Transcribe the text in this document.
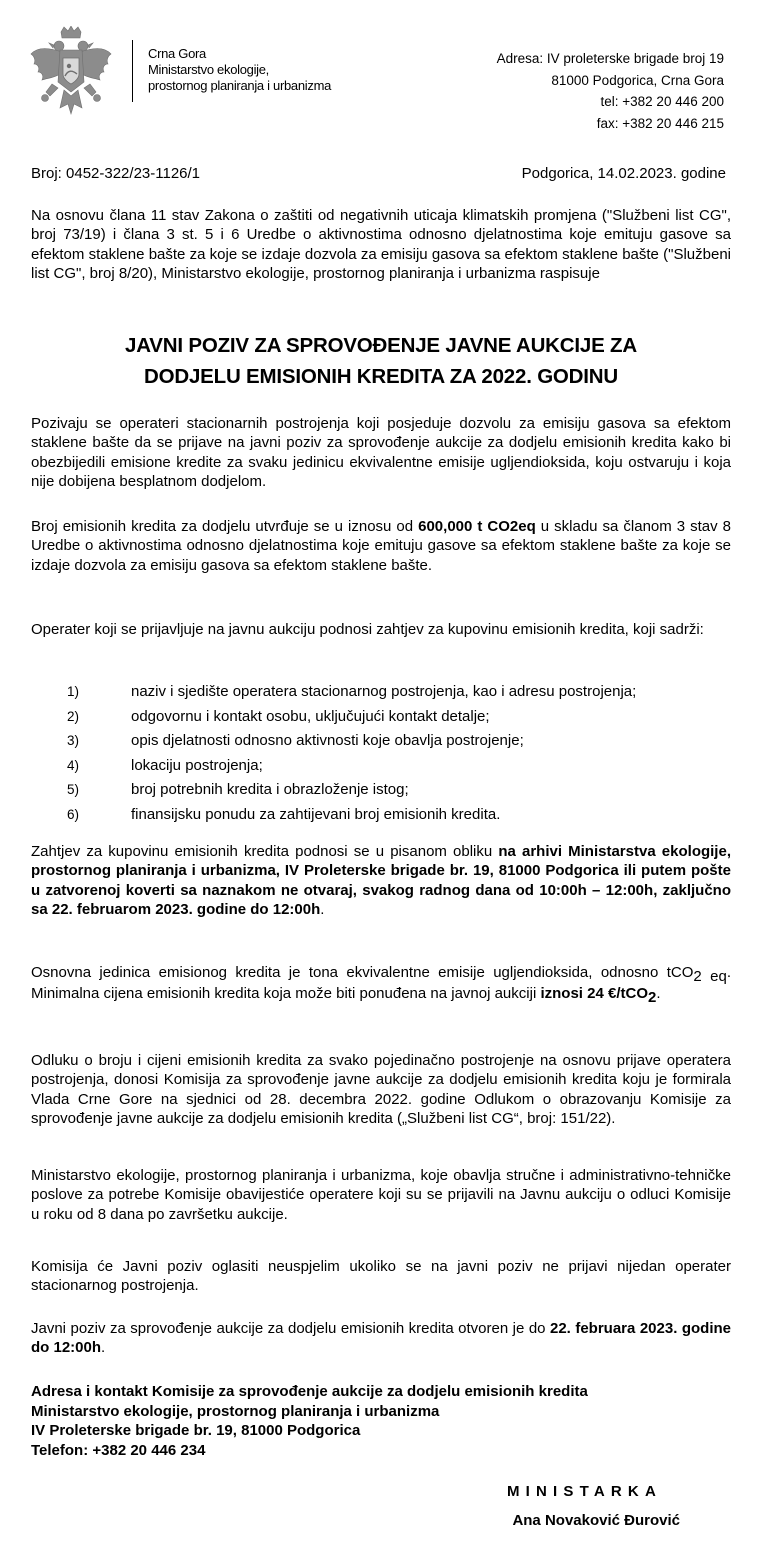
Crna Gora
Ministarstvo ekologije,
prostornog planiranja i urbanizma
Adresa: IV proleterske brigade broj 19
81000 Podgorica, Crna Gora
tel: +382 20 446 200
fax: +382 20 446 215
Broj: 0452-322/23-1126/1	Podgorica, 14.02.2023. godine

Na osnovu člana 11 stav Zakona o zaštiti od negativnih uticaja klimatskih promjena ("Službeni list CG", broj 73/19) i člana 3 st. 5 i 6 Uredbe o aktivnostima odnosno djelatnostima koje emituju gasove sa efektom staklene bašte za koje se izdaje dozvola za emisiju gasova sa efektom staklene bašte ("Službeni list CG", broj 8/20), Ministarstvo ekologije, prostornog planiranja i urbanizma raspisuje

JAVNI POZIV ZA SPROVOĐENJE JAVNE AUKCIJE ZA
DODJELU EMISIONIH KREDITA ZA 2022. GODINU

Pozivaju se operateri stacionarnih postrojenja koji posjeduje dozvolu za emisiju gasova sa efektom staklene bašte da se prijave na javni poziv za sprovođenje aukcije za dodjelu emisionih kredita kako bi obezbijedili emisione kredite za svaku jedinicu ekvivalentne emisije ugljendioksida, koju ostvaruju i koja nije dobijena besplatnom dodjelom.

Broj emisionih kredita za dodjelu utvrđuje se u iznosu od 600,000 t CO2eq u skladu sa članom 3 stav 8 Uredbe o aktivnostima odnosno djelatnostima koje emituju gasove sa efektom staklene bašte za koje se izdaje dozvola za emisiju gasova sa efektom staklene bašte.

Operater koji se prijavljuje na javnu aukciju podnosi zahtjev za kupovinu emisionih kredita, koji sadrži:

1)	naziv i sjedište operatera stacionarnog postrojenja, kao i adresu postrojenja;
2)	odgovornu i kontakt osobu, uključujući kontakt detalje;
3)	opis djelatnosti odnosno aktivnosti koje obavlja postrojenje;
4)	lokaciju postrojenja;
5)	broj potrebnih kredita i obrazloženje istog;
6)	finansijsku ponudu za zahtijevani broj emisionih kredita.

Zahtjev za kupovinu emisionih kredita podnosi se u pisanom obliku na arhivi Ministarstva ekologije, prostornog planiranja i urbanizma, IV Proleterske brigade br. 19, 81000 Podgorica ili putem pošte u zatvorenoj koverti sa naznakom ne otvaraj, svakog radnog dana od 10:00h – 12:00h, zaključno sa 22. februarom 2023. godine do 12:00h.

Osnovna jedinica emisionog kredita je tona ekvivalentne emisije ugljendioksida, odnosno tCO$_{2 eq}$. Minimalna cijena emisionih kredita koja može biti ponuđena na javnoj aukciji iznosi 24 €/tCO$_2$.

Odluku o broju i cijeni emisionih kredita za svako pojedinačno postrojenje na osnovu prijave operatera postrojenja, donosi Komisija za sprovođenje javne aukcije za dodjelu emisionih kredita koju je formirala Vlada Crne Gore na sjednici od 28. decembra 2022. godine Odlukom o obrazovanju Komisije za sprovođenje javne aukcije za dodjelu emisionih kredita („Službeni list CG“, broj: 151/22).

Ministarstvo ekologije, prostornog planiranja i urbanizma, koje obavlja stručne i administrativno-tehničke poslove za potrebe Komisije obavijestiće operatere koji su se prijavili na Javnu aukciju o odluci Komisije u roku od 8 dana po završetku aukcije.

Komisija će Javni poziv oglasiti neuspjelim ukoliko se na javni poziv ne prijavi nijedan operater stacionarnog postrojenja.

Javni poziv za sprovođenje aukcije za dodjelu emisionih kredita otvoren je do 22. februara 2023. godine do 12:00h.

Adresa i kontakt Komisije za sprovođenje aukcije za dodjelu emisionih kredita
Ministarstvo ekologije, prostornog planiranja i urbanizma
IV Proleterske brigade br. 19, 81000 Podgorica
Telefon: +382 20 446 234
MINISTARKA
Ana Novaković Đurović
